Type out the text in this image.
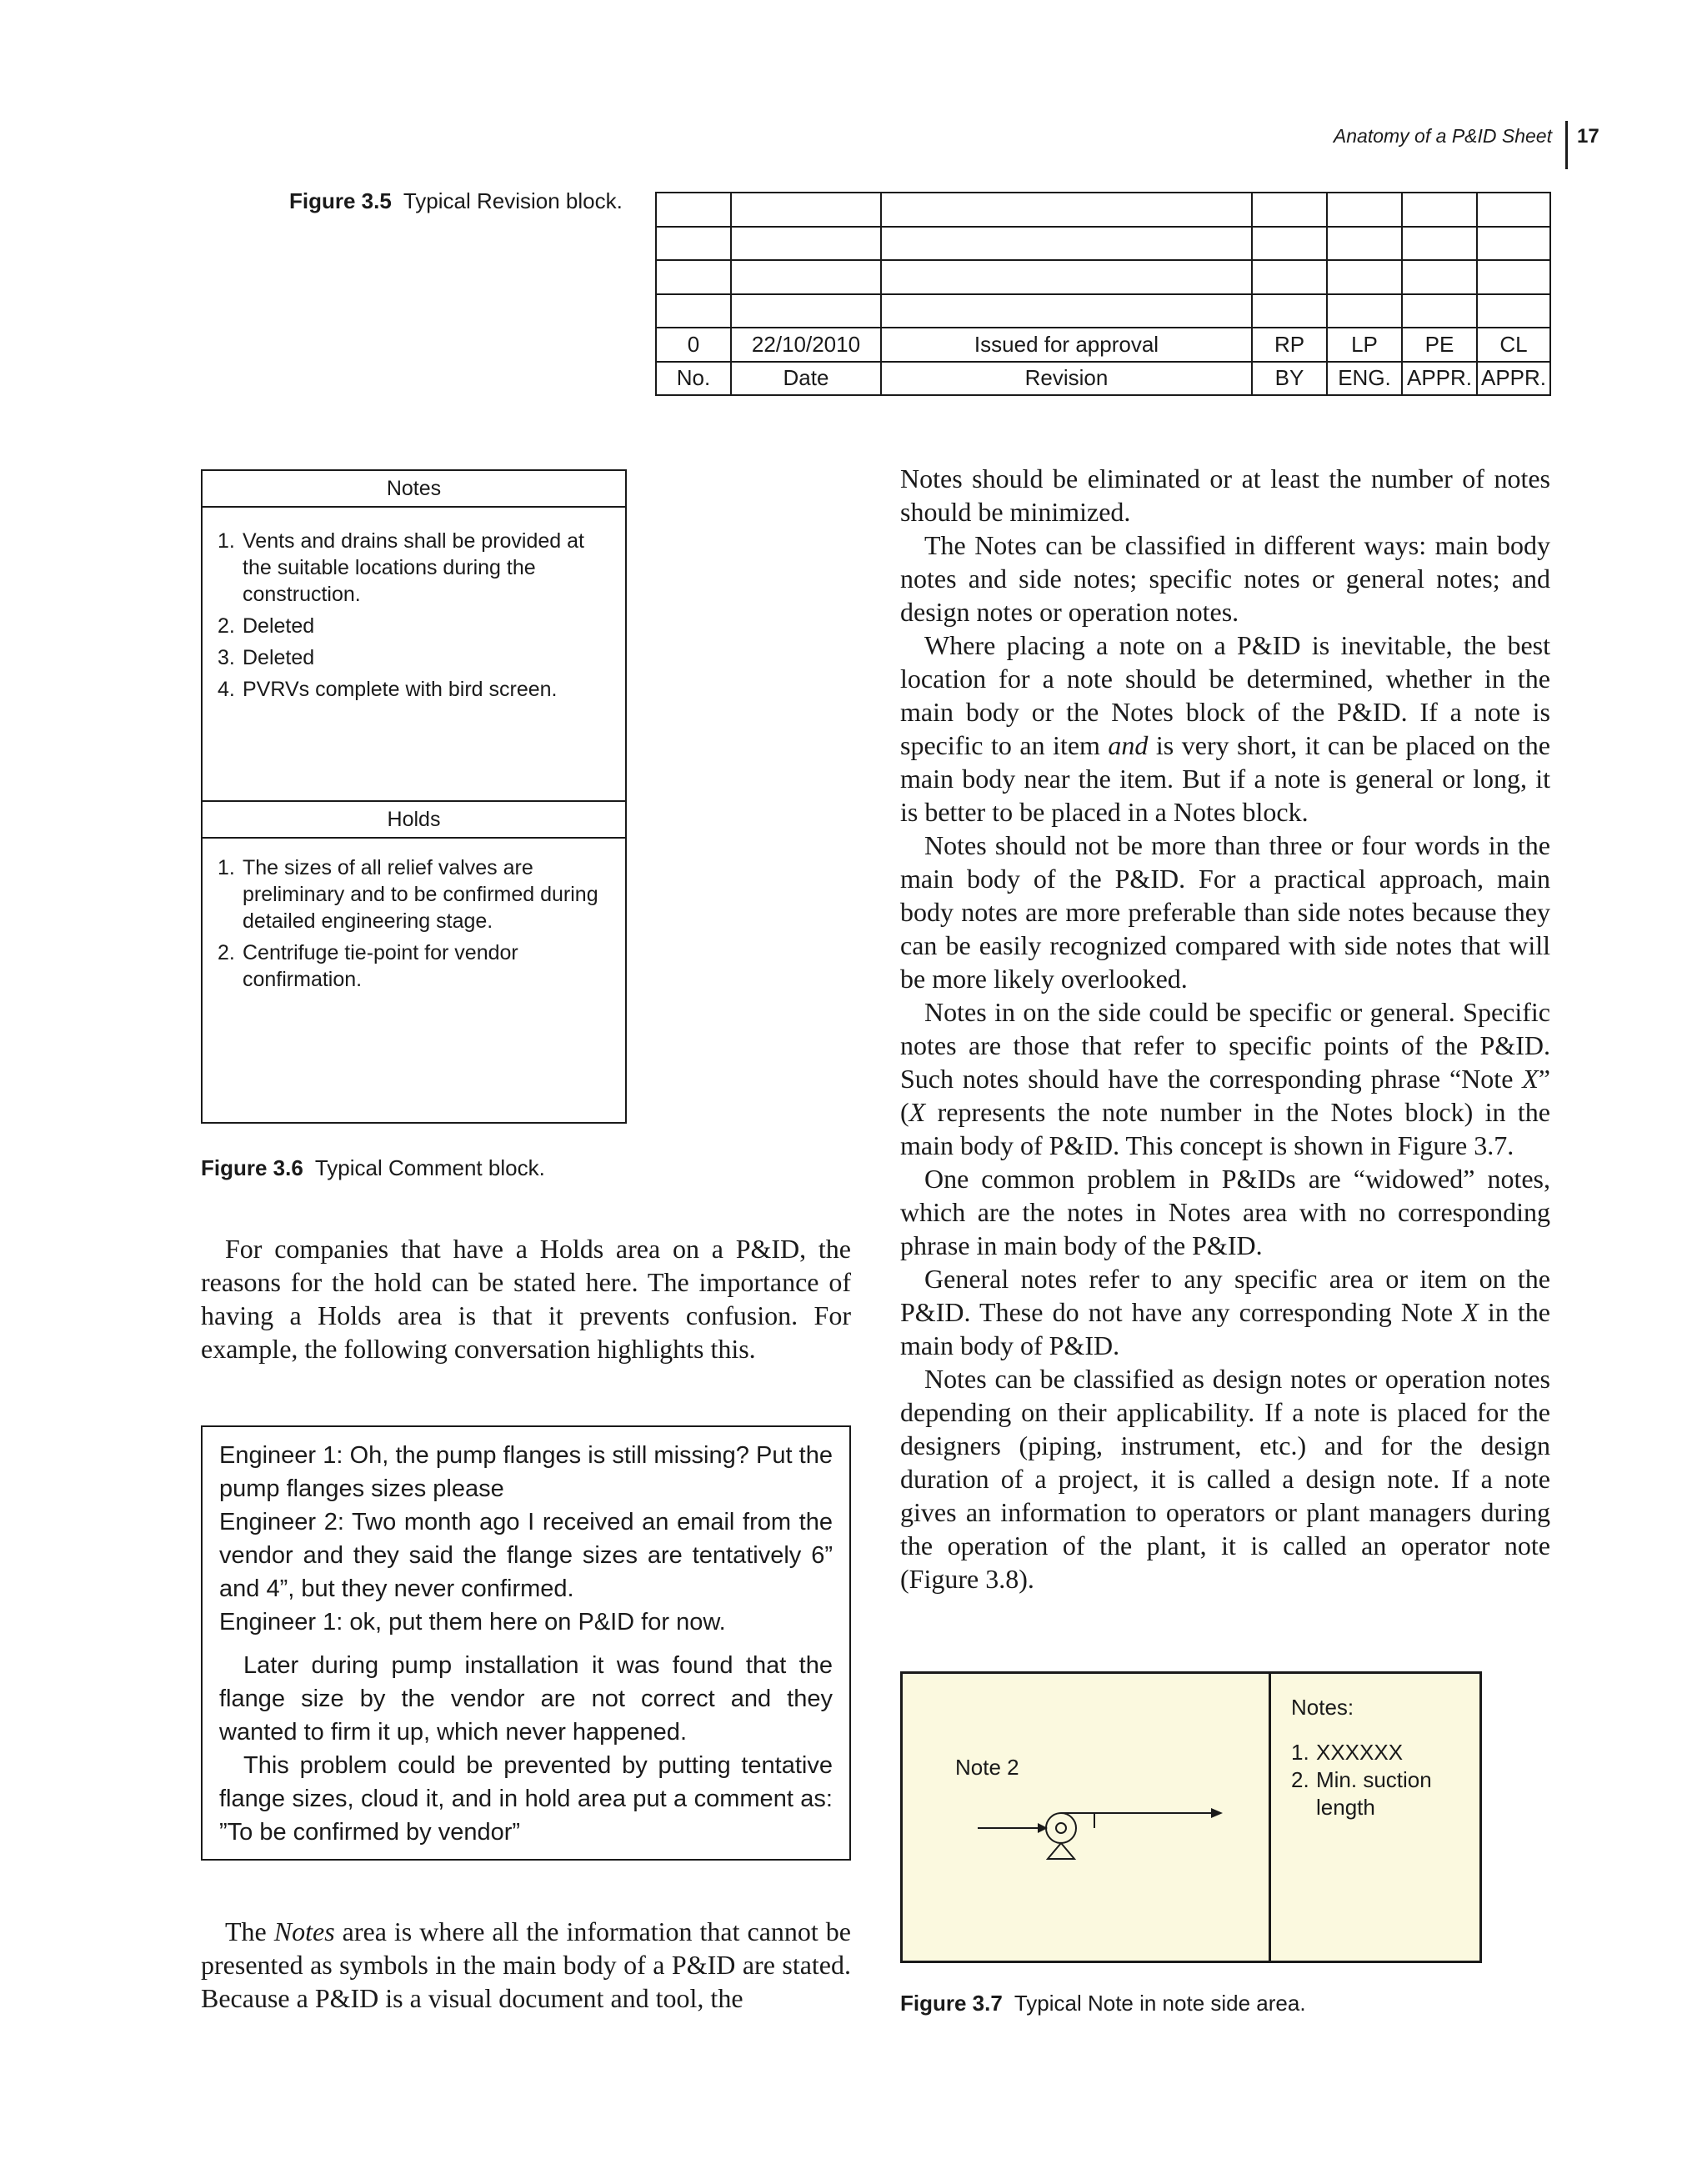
Anatomy of a P&ID Sheet 17
Figure 3.5 Typical Revision block.

0	22/10/2010	Issued for approval	RP	LP	PE	CL
No.	Date	Revision	BY	ENG.	APPR.	APPR.
Notes
1. Vents and drains shall be provided at the suitable locations during the construction.
2. Deleted
3. Deleted
4. PVRVs complete with bird screen.
Holds
1. The sizes of all relief valves are preliminary and to be confirmed during detailed engineering stage.
2. Centrifuge tie-point for vendor confirmation.
Figure 3.6 Typical Comment block.

For companies that have a Holds area on a P&ID, the reasons for the hold can be stated here. The importance of having a Holds area is that it prevents confusion. For example, the following conversation highlights this.

Engineer 1: Oh, the pump flanges is still missing? Put the pump flanges sizes please

Engineer 2: Two month ago I received an email from the vendor and they said the flange sizes are tentatively 6” and 4”, but they never confirmed.

Engineer 1: ok, put them here on P&ID for now.

Later during pump installation it was found that the flange size by the vendor are not correct and they wanted to firm it up, which never happened.

This problem could be prevented by putting tentative flange sizes, cloud it, and in hold area put a comment as: ”To be confirmed by vendor”

The Notes area is where all the information that cannot be presented as symbols in the main body of a P&ID are stated. Because a P&ID is a visual document and tool, the

Notes should be eliminated or at least the number of notes should be minimized.

The Notes can be classified in different ways: main body notes and side notes; specific notes or general notes; and design notes or operation notes.

Where placing a note on a P&ID is inevitable, the best location for a note should be determined, whether in the main body or the Notes block of the P&ID. If a note is specific to an item and is very short, it can be placed on the main body near the item. But if a note is general or long, it is better to be placed in a Notes block.

Notes should not be more than three or four words in the main body of the P&ID. For a practical approach, main body notes are more preferable than side notes because they can be easily recognized compared with side notes that will be more likely overlooked.

Notes in on the side could be specific or general. Specific notes are those that refer to specific points of the P&ID. Such notes should have the corresponding phrase “Note X” (X represents the note number in the Notes block) in the main body of P&ID. This concept is shown in Figure 3.7.

One common problem in P&IDs are “widowed” notes, which are the notes in Notes area with no corresponding phrase in main body of the P&ID.

General notes refer to any specific area or item on the P&ID. These do not have any corresponding Note X in the main body of P&ID.

Notes can be classified as design notes or operation notes depending on their applicability. If a note is placed for the designers (piping, instrument, etc.) and for the design duration of a project, it is called a design note. If a note gives an information to operators or plant managers during the operation of the plant, it is called an operator note (Figure 3.8).

Note 2
Notes:
1. XXXXXX
2. Min. suction length
Figure 3.7 Typical Note in note side area.
